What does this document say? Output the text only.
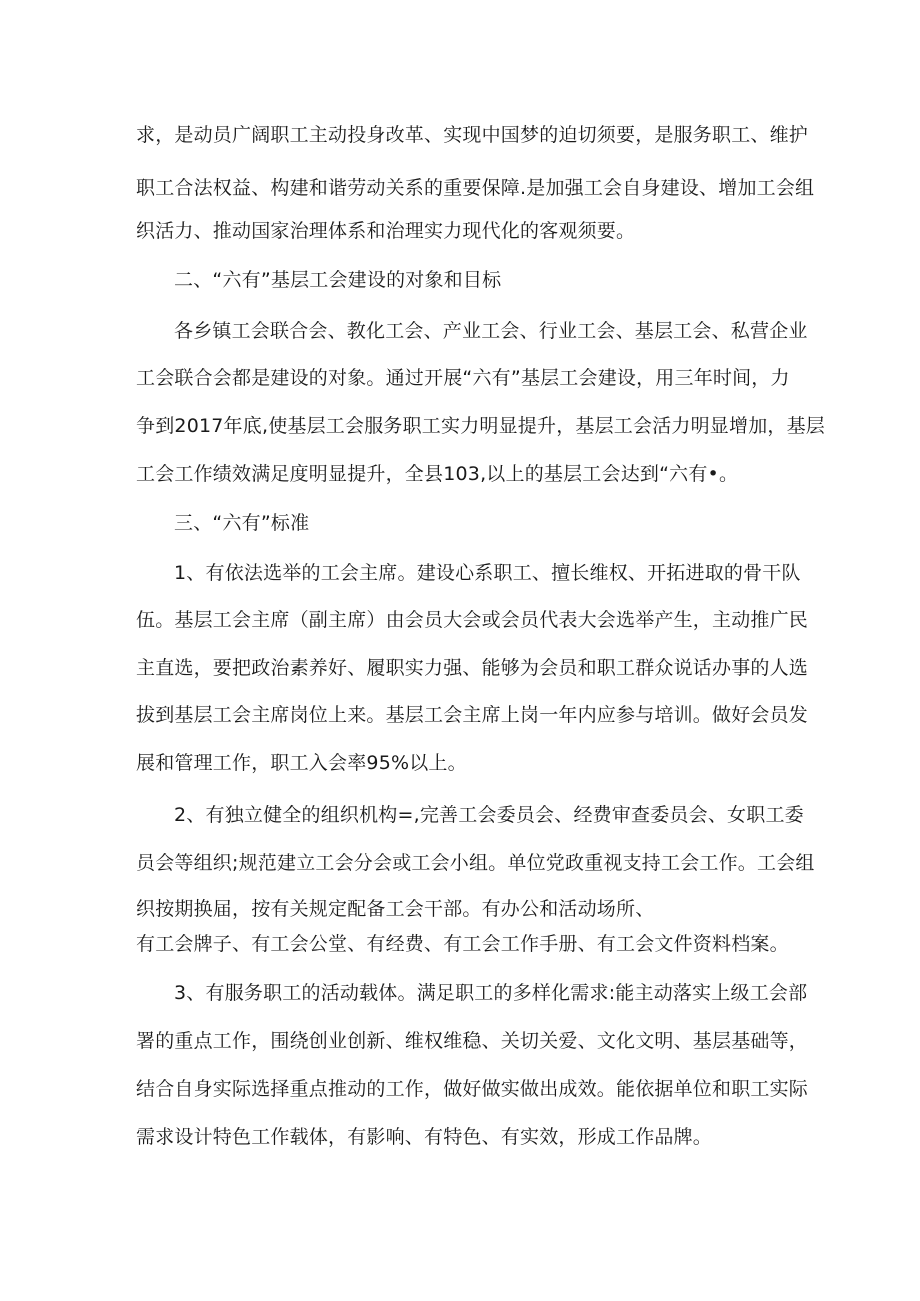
求，是动员广阔职工主动投身改革、实现中国梦的迫切须要，是服务职工、维护
职工合法权益、构建和谐劳动关系的重要保障.是加强工会自身建设、增加工会组
织活力、推动国家治理体系和治理实力现代化的客观须要。
二、“六有”基层工会建设的对象和目标
各乡镇工会联合会、教化工会、产业工会、行业工会、基层工会、私营企业
工会联合会都是建设的对象。通过开展“六有”基层工会建设，用三年时间，力
争到2017年底,使基层工会服务职工实力明显提升，基层工会活力明显增加，基层
工会工作绩效满足度明显提升，全县103,以上的基层工会达到“六有•。
三、“六有”标准
1、有依法选举的工会主席。建设心系职工、擅长维权、开拓进取的骨干队
伍。基层工会主席（副主席）由会员大会或会员代表大会选举产生，主动推广民
主直选，要把政治素养好、履职实力强、能够为会员和职工群众说话办事的人选
拔到基层工会主席岗位上来。基层工会主席上岗一年内应参与培训。做好会员发
展和管理工作，职工入会率95%以上。
2、有独立健全的组织机构=,完善工会委员会、经费审查委员会、女职工委
员会等组织;规范建立工会分会或工会小组。单位党政重视支持工会工作。工会组
织按期换届，按有关规定配备工会干部。有办公和活动场所、
有工会牌子、有工会公堂、有经费、有工会工作手册、有工会文件资料档案。
3、有服务职工的活动载体。满足职工的多样化需求:能主动落实上级工会部
署的重点工作，围绕创业创新、维权维稳、关切关爱、文化文明、基层基础等，
结合自身实际选择重点推动的工作，做好做实做出成效。能依据单位和职工实际
需求设计特色工作载体，有影响、有特色、有实效，形成工作品牌。
